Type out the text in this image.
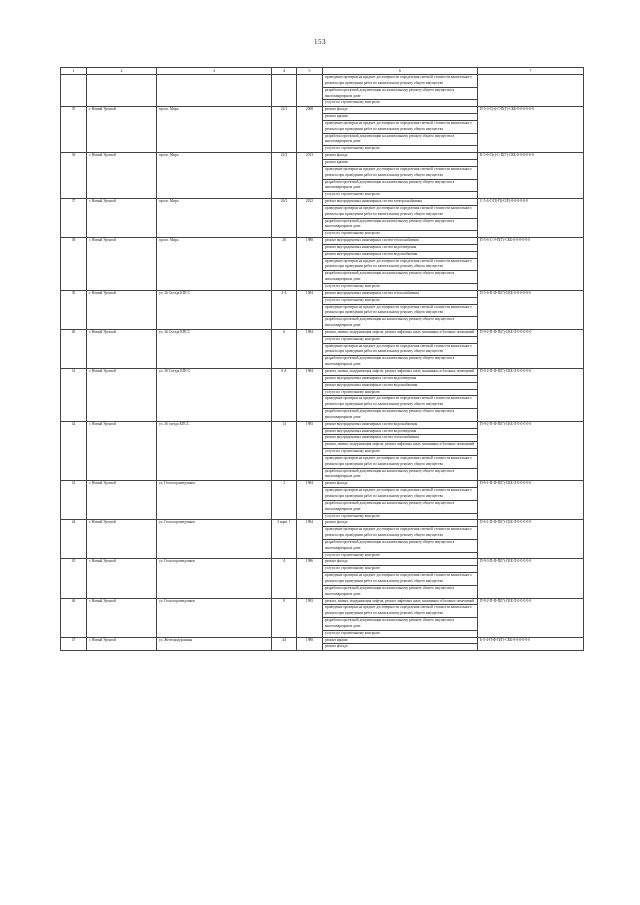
153
1	2	3	4	5	6	7
					проведение проверки на предмет достоверности определения сметной стоимости капитального ремонта при проведении работ по капитальному ремонту общего имущества	
					разработка проектной документации на капитальному ремонту общего имущества в многоквартирном доме	
					услуги по строительному контролю	
35	г. Новый Уренгой	просп. Мира	22/1	2008	ремонт фасада	П-5-3-С(т)-С-П(Г)-СКБ-0-0-0-0-0-0
					ремонт крыши	
					проведение проверки на предмет достоверности определения сметной стоимости капитального ремонта при проведении работ по капитальному ремонту общего имущества	
					разработка проектной документации на капитальному ремонту общего имущества в многоквартирном доме	
					услуги по строительному контролю	
36	г. Новый Уренгой	просп. Мира	22/3	2013	ремонт фасада	К-5-6-С(т)-С-П(Г)-СКБ-0-0-0-0-0-0
					ремонт крыши	
					проведение проверки на предмет достоверности определения сметной стоимости капитального ремонта при проведении работ по капитальному ремонту общего имущества	
					разработка проектной документации на капитальному ремонту общего имущества в многоквартирном доме	
					услуги по строительному контролю	
37	г. Новый Уренгой	просп. Мира	26/2	2012	ремонт внутридомовых инженерных систем электроснабжения	С-5-6-С-П(-П)-С(Е)-0-0-0-0-0-0
					проведение проверки на предмет достоверности определения сметной стоимости капитального ремонта при проведении работ по капитальному ремонту общего имущества	
					разработка проектной документации на капитальному ремонту общего имущества в многоквартирном доме	
					услуги по строительному контролю	
38	г. Новый Уренгой	просп. Мира	28	1988	ремонт внутридомовых инженерных систем теплоснабжения	П-5-6-С-Э-П(Г)-СКБ-0-0-0-0-0-0
					ремонт внутридомовых инженерных систем водоотведения	
					ремонт внутридомовых инженерных систем водоснабжения	
					проведение проверки на предмет достоверности определения сметной стоимости капитального ремонта при проведении работ по капитальному ремонту общего имущества	
					разработка проектной документации на капитальному ремонту общего имущества в многоквартирном доме	
					услуги по строительному контролю	
39	г. Новый Уренгой	ул. 26 Съезда КПСС	4 А	1984	ремонт внутридомовых инженерных систем теплоснабжения	П-5-6-П-Ф-П(Г)-СКБ-0-0-0-0-0-0
					услуги по строительному контролю	
					проведение проверки на предмет достоверности определения сметной стоимости капитального ремонта при проведении работ по капитальному ремонту общего имущества	
					разработка проектной документации на капитальному ремонту общего имущества в многоквартирном доме	
40	г. Новый Уренгой	ул. 26 Съезда КПСС	6	1984	ремонт, замена, модернизация лифтов, ремонт лифтовых шахт, машинных и блочных помещений	П-9-2-П-Ф-П(Г)-СКБ-Л-0-0-0-0-0
					услуги по строительному контролю	
					проведение проверки на предмет достоверности определения сметной стоимости капитального ремонта при проведении работ по капитальному ремонту общего имущества	
					разработка проектной документации на капитальному ремонту общего имущества в многоквартирном доме	
41	г. Новый Уренгой	ул. 26 Съезда КПСС	6 А	1984	ремонт, замена, модернизация лифтов, ремонт лифтовых шахт, машинных и блочных помещений	П-9-2-П-Ф-П(Г)-СКБ-Л-0-0-0-0-0
					ремонт внутридомовых инженерных систем водоотведения	
					ремонт внутридомовых инженерных систем водоснабжения	
					услуги по строительному контролю	
					проведение проверки на предмет достоверности определения сметной стоимости капитального ремонта при проведении работ по капитальному ремонту общего имущества	
					разработка проектной документации на капитальному ремонту общего имущества в многоквартирном доме	
42	г. Новый Уренгой	ул. 26 съезда КПСС	14	1983	ремонт внутридомовых инженерных систем водоснабжения	П-9-2-П-Ф-П(Г)-СКБ-Л-0-0-0-0-0
					ремонт внутридомовых инженерных систем водоотведения	
					ремонт внутридомовых инженерных систем теплоснабжения	
					ремонт, замена, модернизация лифтов, ремонт лифтовых шахт, машинных и блочных помещений	
					услуги по строительному контролю	
					проведение проверки на предмет достоверности определения сметной стоимости капитального ремонта при проведении работ по капитальному ремонту общего имущества	
					разработка проектной документации на капитальному ремонту общего имущества в многоквартирном доме	
43	г. Новый Уренгой	ул. Геологоразведчиков	2	1984	ремонт фасада	П-6-1-П-Ф-П(Г)-СКБ-Л-0-0-0-0-0
					проведение проверки на предмет достоверности определения сметной стоимости капитального ремонта при проведении работ по капитальному ремонту общего имущества	
					разработка проектной документации на капитальному ремонту общего имущества в многоквартирном доме	
					услуги по строительному контролю	
44	г. Новый Уренгой	ул. Геологоразведчиков	2 корп. 1	1984	ремонт фасада	П-6-1-П-Ф-П(Г)-СКБ-Л-0-0-0-0-0
					проведение проверки на предмет достоверности определения сметной стоимости капитального ремонта при проведении работ по капитальному ремонту общего имущества	
					разработка проектной документации на капитальному ремонту общего имущества в многоквартирном доме	
					услуги по строительному контролю	
45	г. Новый Уренгой	ул. Геологоразведчиков	4	1986	ремонт фасада	П-9-3-П-Ф-П(Г)-СКБ-Л-0-0-0-0-0
					услуги по строительному контролю	
					проведение проверки на предмет достоверности определения сметной стоимости капитального ремонта при проведении работ по капитальному ремонту общего имущества	
					разработка проектной документации на капитальному ремонту общего имущества в многоквартирном доме	
46	г. Новый Уренгой	ул. Геологоразведчиков	8	1983	ремонт, замена, модернизация лифтов, ремонт лифтовых шахт, машинных и блочных помещений	П-9-2-П-Ф-П(Г)-СКБ-Л-0-0-0-0-0
					проведение проверки на предмет достоверности определения сметной стоимости капитального ремонта при проведении работ по капитальному ремонту общего имущества	
					разработка проектной документации на капитальному ремонту общего имущества в многоквартирном доме	
					услуги по строительному контролю	
47	г. Новый Уренгой	ул. Железнодорожная	44	1988	ремонт крыши	Б-5-4-П-Ф-П(Г)-СКБ-0-0-0-0-0-0
					ремонт фасада	
